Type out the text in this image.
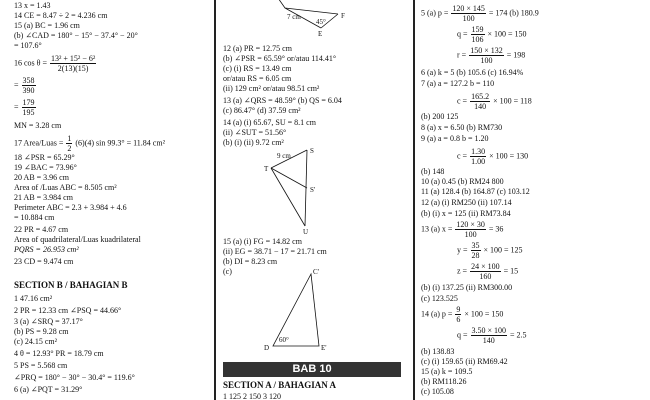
13 x = 1.43
14 CE = 8.47 ÷ 2 = 4.236 cm
15 (a) BC = 1.96 cm
(b) ∠CAD = 180° − 15° − 37.4° − 20°
= 107.6°
16 $\cos \theta = \frac{\text{13² + 15² − 6²}}{2(13)(15)}$
= $\frac{358}{390}$
= $\frac{179}{195}$
MN = 3.28 cm
17 Area/Luas = $\frac{1}{2} (6)(4)$ sin 99.3° = 11.84 cm²
18 ∠PSR = 65.29°
19 ∠BAC = 73.96°
20 AB = 3.96 cm
Area of /Luas ABC = 8.505 cm²
21 AB = 3.984 cm
Perimeter ABC = 2.3 + 3.984 + 4.6
= 10.884 cm
22 PR = 4.67 cm
Area of quadrilateral/Luas kuadrilateral
PQRS = 26.953 cm²
23 CD = 9.474 cm
SECTION B / BAHAGIAN B
1 47.16 cm²
2 PR = 12.33 cm ∠PSQ = 44.66°
3 (a) ∠SRQ = 37.17°
(b) PS = 9.28 cm
(c) 24.15 cm²
4 θ = 12.93° PR = 18.79 cm
5 PS = 5.568 cm
∠PRQ = 180° − 30° − 30.4° = 119.6°
6 (a) ∠PQT = 31.29°
7 cm
45°
F
E
12 (a) PR = 12.75 cm
(b) ∠PSR = 65.59° or/atau 114.41°
(c) (i) RS = 13.49 cm
or/atau RS = 6.05 cm
(ii) 129 cm² or/atau 98.51 cm²
13 (a) ∠QRS = 48.59° (b) QS = 6.04
(c) 86.47° (d) 37.59 cm²
14 (a) (i) 65.67, SU = 8.1 cm
(ii) ∠SUT = 51.56°
(b) (i) (ii) 9.72 cm²
9 cm
S
T
S'
U
15 (a) (i) FG = 14.82 cm
(ii) EG = 38.71 − 17 = 21.71 cm
(b) DI = 8.23 cm
(c)	C'
60°
D	E'
BAB 10
SECTION A / BAHAGIAN A
1 125 2 150 3 120
5 (a) $p = \frac{120 \times 145}{100} = 174$ (b) 180.9
$q = \frac{159}{106} \times 100 = 150$
$r = \frac{150 \times 132}{100} = 198$
6 (a) k = 5 (b) 105.6 (c) 16.94%
7 (a) a = 127.2 b = 110
$c = \frac{165.2}{140} \times 100 = 118$
(b) 200 125
8 (a) x = 6.50 (b) RM730
9 (a) a = 0.8 b = 1.20
$c = \frac{1.30}{1.00} \times 100 = 130$
(b) 148
10 (a) 0.45 (b) RM24 800
11 (a) 128.4 (b) 164.87 (c) 103.12
12 (a) (i) RM250 (ii) 107.14
(b) (i) x = 125 (ii) RM73.84
13 (a) $x = \frac{120 \times 30}{100} = 36$
$y = \frac{35}{28} \times 100 = 125$
$z = \frac{24 \times 100}{160} = 15$
(b) (i) 137.25 (ii) RM300.00
(c) 123.525
14 (a) $p = \frac{9}{6} \times 100 = 150$
$q = \frac{3.50 \times 100}{140} = 2.5$
(b) 138.83
(c) (i) 159.65 (ii) RM69.42
15 (a) k = 109.5
(b) RM118.26
(c) 105.08
